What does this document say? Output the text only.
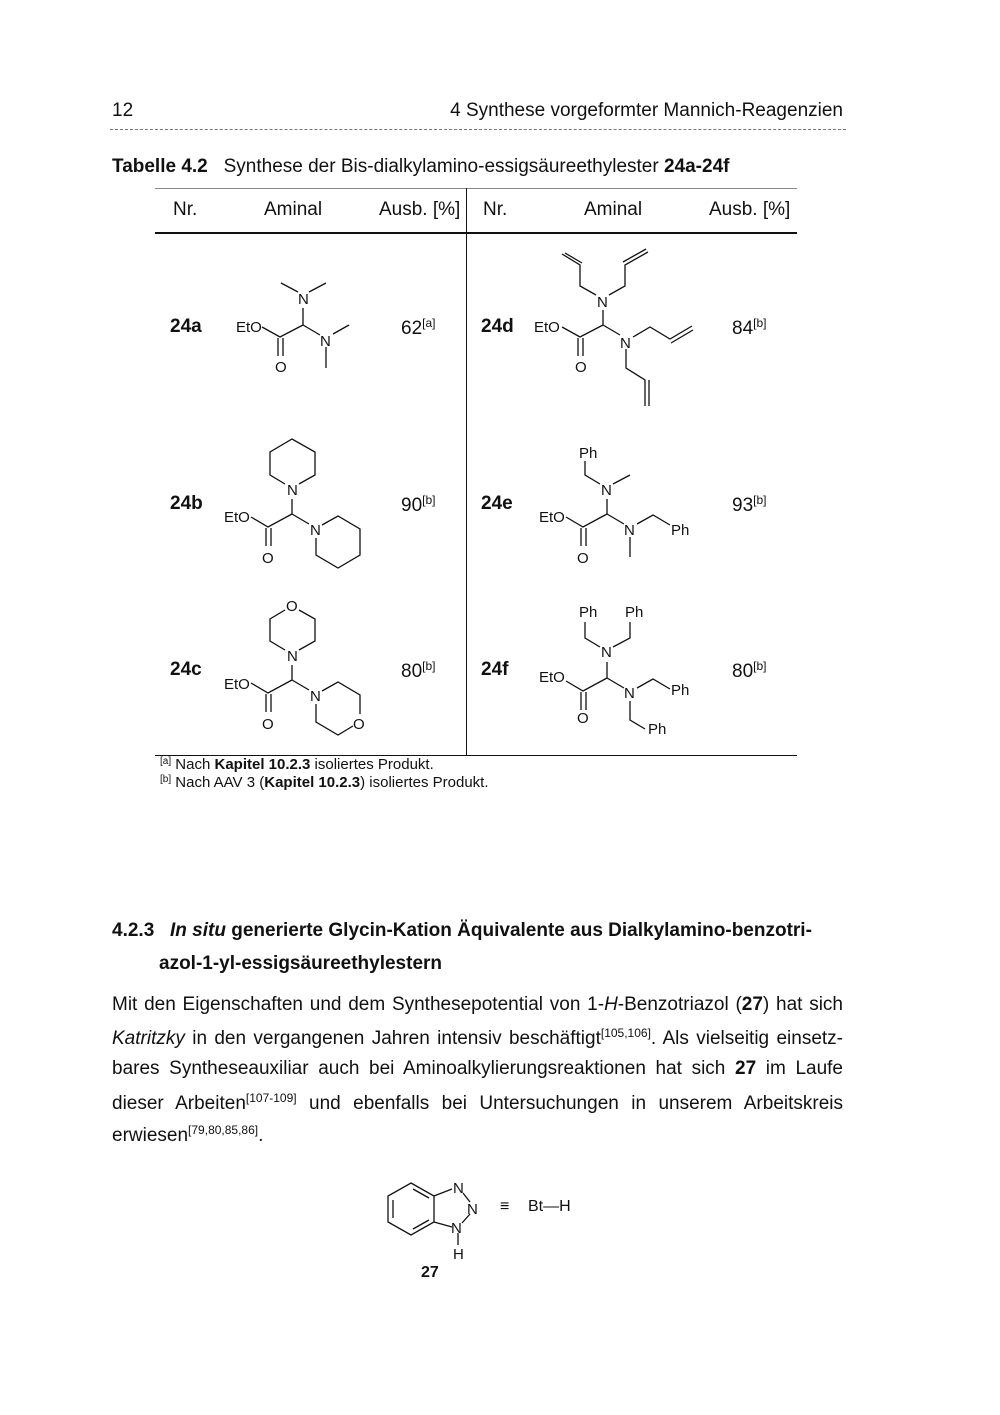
12	4 Synthese vorgeformter Mannich-Reagenzien
Tabelle 4.2 Synthese der Bis-dialkylamino-essigsäureethylester 24a-24f
Nr.	Aminal	Ausb. [%] Nr.	Aminal	Ausb. [%]
24a	62[a] 24d	84[b]
24b	90[b] 24e	93[b]
24c	80[b] 24f	80[b]
EtO
O
N
N
EtO
O
N
N
EtO
O
N
N
EtO
O
N
N
Ph
Ph
EtO
O
N
N
O
O
EtO
O
N
N
Ph Ph
Ph
Ph
N
N
N
H
[a] Nach Kapitel 10.2.3 isoliertes Produkt.
[b] Nach AAV 3 (Kapitel 10.2.3) isoliertes Produkt.
4.2.3 In situ generierte Glycin-Kation Äquivalente aus Dialkylamino-benzotri-
azol-1-yl-essigsäureethylestern
Mit den Eigenschaften und dem Synthesepotential von 1-H-Benzotriazol (27) hat sich
Katritzky in den vergangenen Jahren intensiv beschäftigt[105,106]. Als vielseitig einsetz-
bares Syntheseauxiliar auch bei Aminoalkylierungsreaktionen hat sich 27 im Laufe
dieser Arbeiten[107-109] und ebenfalls bei Untersuchungen in unserem Arbeitskreis
erwiesen[79,80,85,86].
≡ Bt—H
27
